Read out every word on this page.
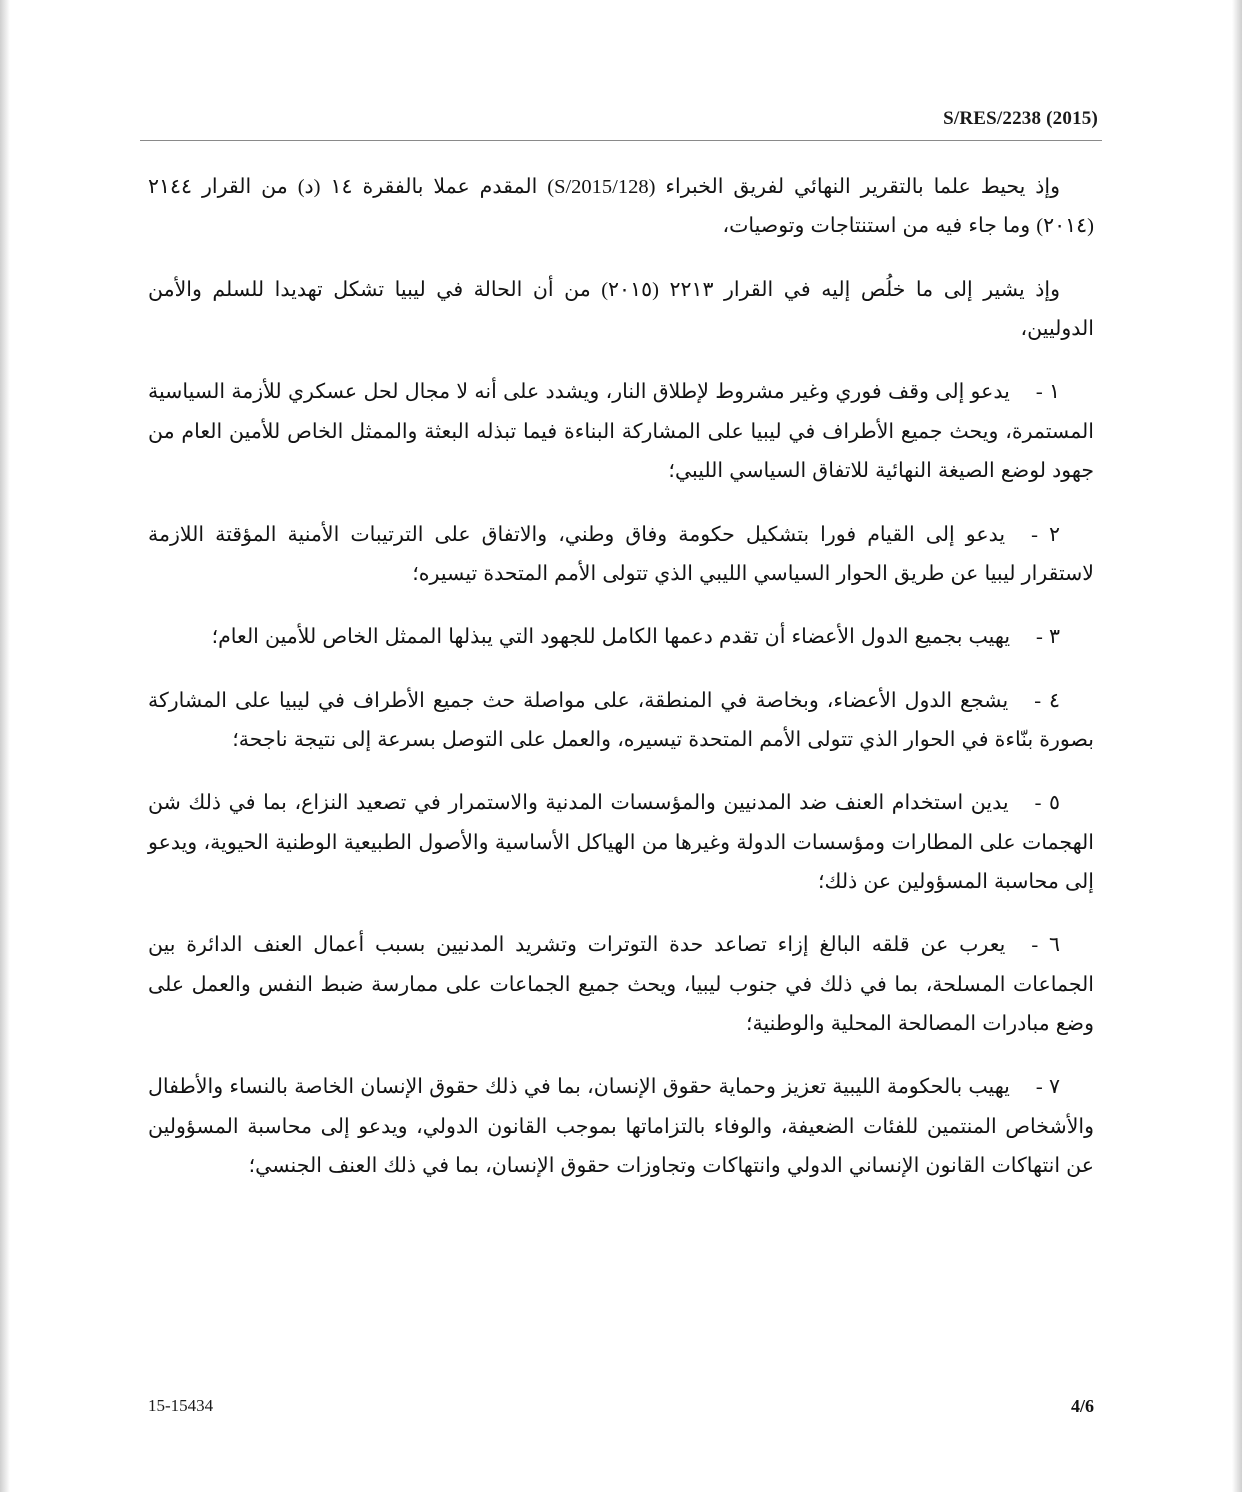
S/RES/2238 (2015)

وإذ يحيط علما بالتقرير النهائي لفريق الخبراء (S/2015/128) المقدم عملا بالفقرة ١٤ (د) من القرار ٢١٤٤ (٢٠١٤) وما جاء فيه من استنتاجات وتوصيات،

وإذ يشير إلى ما خلُص إليه في القرار ٢٢١٣ (٢٠١٥) من أن الحالة في ليبيا تشكل تهديدا للسلم والأمن الدوليين،

١ -يدعو إلى وقف فوري وغير مشروط لإطلاق النار، ويشدد على أنه لا مجال لحل عسكري للأزمة السياسية المستمرة، ويحث جميع الأطراف في ليبيا على المشاركة البناءة فيما تبذله البعثة والممثل الخاص للأمين العام من جهود لوضع الصيغة النهائية للاتفاق السياسي الليبي؛

٢ -يدعو إلى القيام فورا بتشكيل حكومة وفاق وطني، والاتفاق على الترتيبات الأمنية المؤقتة اللازمة لاستقرار ليبيا عن طريق الحوار السياسي الليبي الذي تتولى الأمم المتحدة تيسيره؛

٣ -يهيب بجميع الدول الأعضاء أن تقدم دعمها الكامل للجهود التي يبذلها الممثل الخاص للأمين العام؛

٤ -يشجع الدول الأعضاء، وبخاصة في المنطقة، على مواصلة حث جميع الأطراف في ليبيا على المشاركة بصورة بنّاءة في الحوار الذي تتولى الأمم المتحدة تيسيره، والعمل على التوصل بسرعة إلى نتيجة ناجحة؛

٥ -يدين استخدام العنف ضد المدنيين والمؤسسات المدنية والاستمرار في تصعيد النزاع، بما في ذلك شن الهجمات على المطارات ومؤسسات الدولة وغيرها من الهياكل الأساسية والأصول الطبيعية الوطنية الحيوية، ويدعو إلى محاسبة المسؤولين عن ذلك؛

٦ -يعرب عن قلقه البالغ إزاء تصاعد حدة التوترات وتشريد المدنيين بسبب أعمال العنف الدائرة بين الجماعات المسلحة، بما في ذلك في جنوب ليبيا، ويحث جميع الجماعات على ممارسة ضبط النفس والعمل على وضع مبادرات المصالحة المحلية والوطنية؛

٧ -يهيب بالحكومة الليبية تعزيز وحماية حقوق الإنسان، بما في ذلك حقوق الإنسان الخاصة بالنساء والأطفال والأشخاص المنتمين للفئات الضعيفة، والوفاء بالتزاماتها بموجب القانون الدولي، ويدعو إلى محاسبة المسؤولين عن انتهاكات القانون الإنساني الدولي وانتهاكات وتجاوزات حقوق الإنسان، بما في ذلك العنف الجنسي؛

15-15434	4/6
